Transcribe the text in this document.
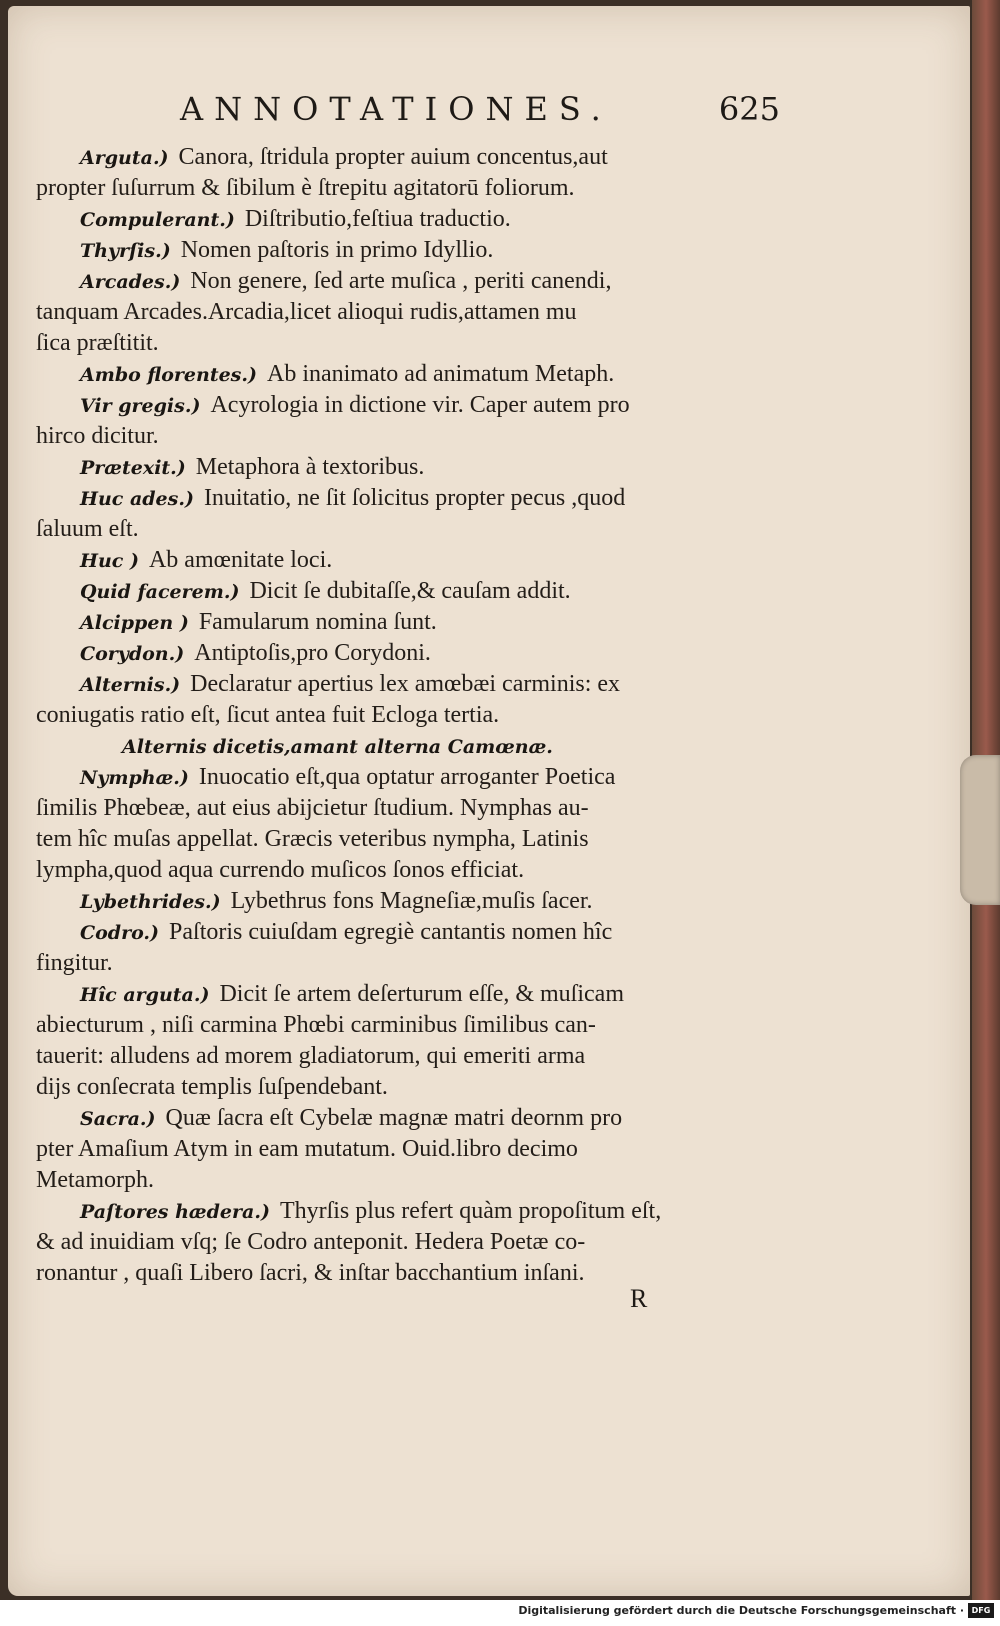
ANNOTATIONES.	625
Arguta.) Canora, ſtridula propter auium concentus,aut
propter ſuſurrum & ſibilum è ſtrepitu agitatorū foliorum.
Compulerant.) Diſtributio,feſtiua traductio.
Thyrſis.) Nomen paſtoris in primo Idyllio.
Arcades.) Non genere, ſed arte muſica , periti canendi,
tanquam Arcades.Arcadia,licet alioqui rudis,attamen mu
ſica præſtitit.
Ambo florentes.) Ab inanimato ad animatum Metaph.
Vir gregis.) Acyrologia in dictione vir. Caper autem pro
hirco dicitur.
Prætexit.) Metaphora à textoribus.
Huc ades.) Inuitatio, ne ſit ſolicitus propter pecus ,quod
ſaluum eſt.
Huc ) Ab amœnitate loci.
Quid facerem.) Dicit ſe dubitaſſe,& cauſam addit.
Alcippen ) Famularum nomina ſunt.
Corydon.) Antiptoſis,pro Corydoni.
Alternis.) Declaratur apertius lex amœbæi carminis: ex
coniugatis ratio eſt, ſicut antea fuit Ecloga tertia.
Alternis dicetis,amant alterna Camœnæ.
Nymphæ.) Inuocatio eſt,qua optatur arroganter Poetica
ſimilis Phœbeæ, aut eius abijcietur ſtudium. Nymphas au-
tem hîc muſas appellat. Græcis veteribus nympha, Latinis
lympha,quod aqua currendo muſicos ſonos efficiat.
Lybethrides.) Lybethrus fons Magneſiæ,muſis ſacer.
Codro.) Paſtoris cuiuſdam egregiè cantantis nomen hîc
fingitur.
Hîc arguta.) Dicit ſe artem deſerturum eſſe, & muſicam
abiecturum , niſi carmina Phœbi carminibus ſimilibus can-
tauerit: alludens ad morem gladiatorum, qui emeriti arma
dijs conſecrata templis ſuſpendebant.
Sacra.) Quæ ſacra eſt Cybelæ magnæ matri deornm pro
pter Amaſium Atym in eam mutatum. Ouid.libro decimo
Metamorph.
Paſtores hædera.) Thyrſis plus refert quàm propoſitum eſt,
& ad inuidiam vſq; ſe Codro anteponit. Hedera Poetæ co-
ronantur , quaſi Libero ſacri, & inſtar bacchantium inſani.
R
Digitalisierung gefördert durch die Deutsche Forschungsgemeinschaft · DFG
